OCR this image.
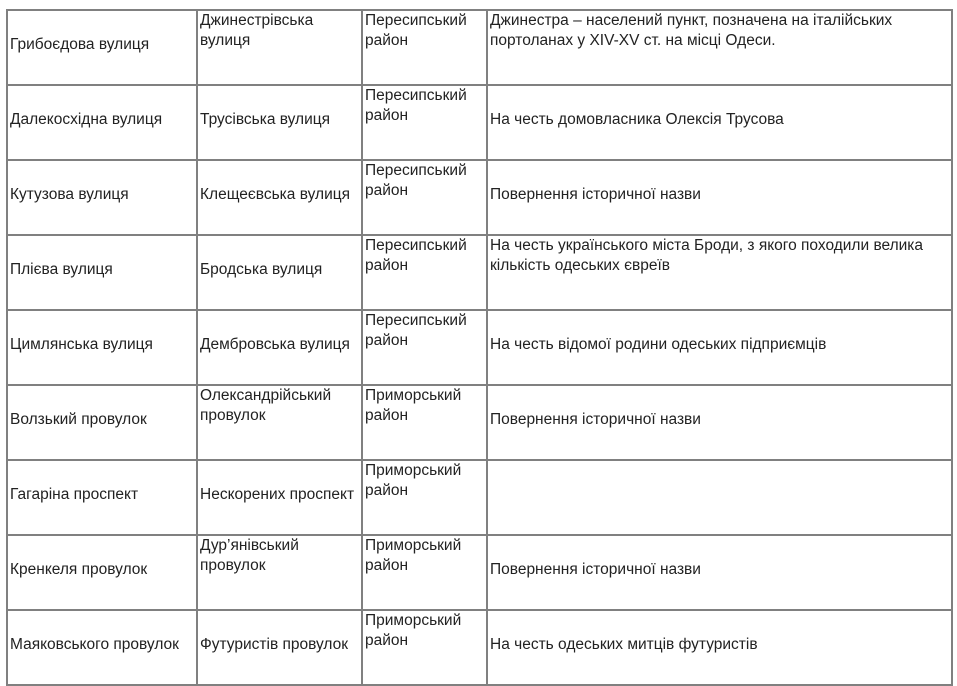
Грибоєдова вулиця	Джинестрівська вулиця	Пересипський район	Джинестра – населений пункт, позначена на італійських портоланах у XIV-XV ст. на місці Одеси.

Далекосхідна вулиця	Трусівська вулиця	Пересипський район	На честь домовласника Олексія Трусова

Кутузова вулиця	Клещеєвська вулиця	Пересипський район	Повернення історичної назви

Плієва вулиця	Бродська вулиця	Пересипський район	На честь українського міста Броди, з якого походили велика кількість одеських євреїв

Цимлянська вулиця	Дембровська вулиця	Пересипський район	На честь відомої родини одеських підприємців

Волзький провулок	Олександрійський провулок	Приморський район	Повернення історичної назви

Гагаріна проспект	Нескорених проспект	Приморський район	

Кренкеля провулок	Дур’янівський провулок	Приморський район	Повернення історичної назви

Маяковського провулок	Футуристів провулок	Приморський район	На честь одеських митців футуристів
